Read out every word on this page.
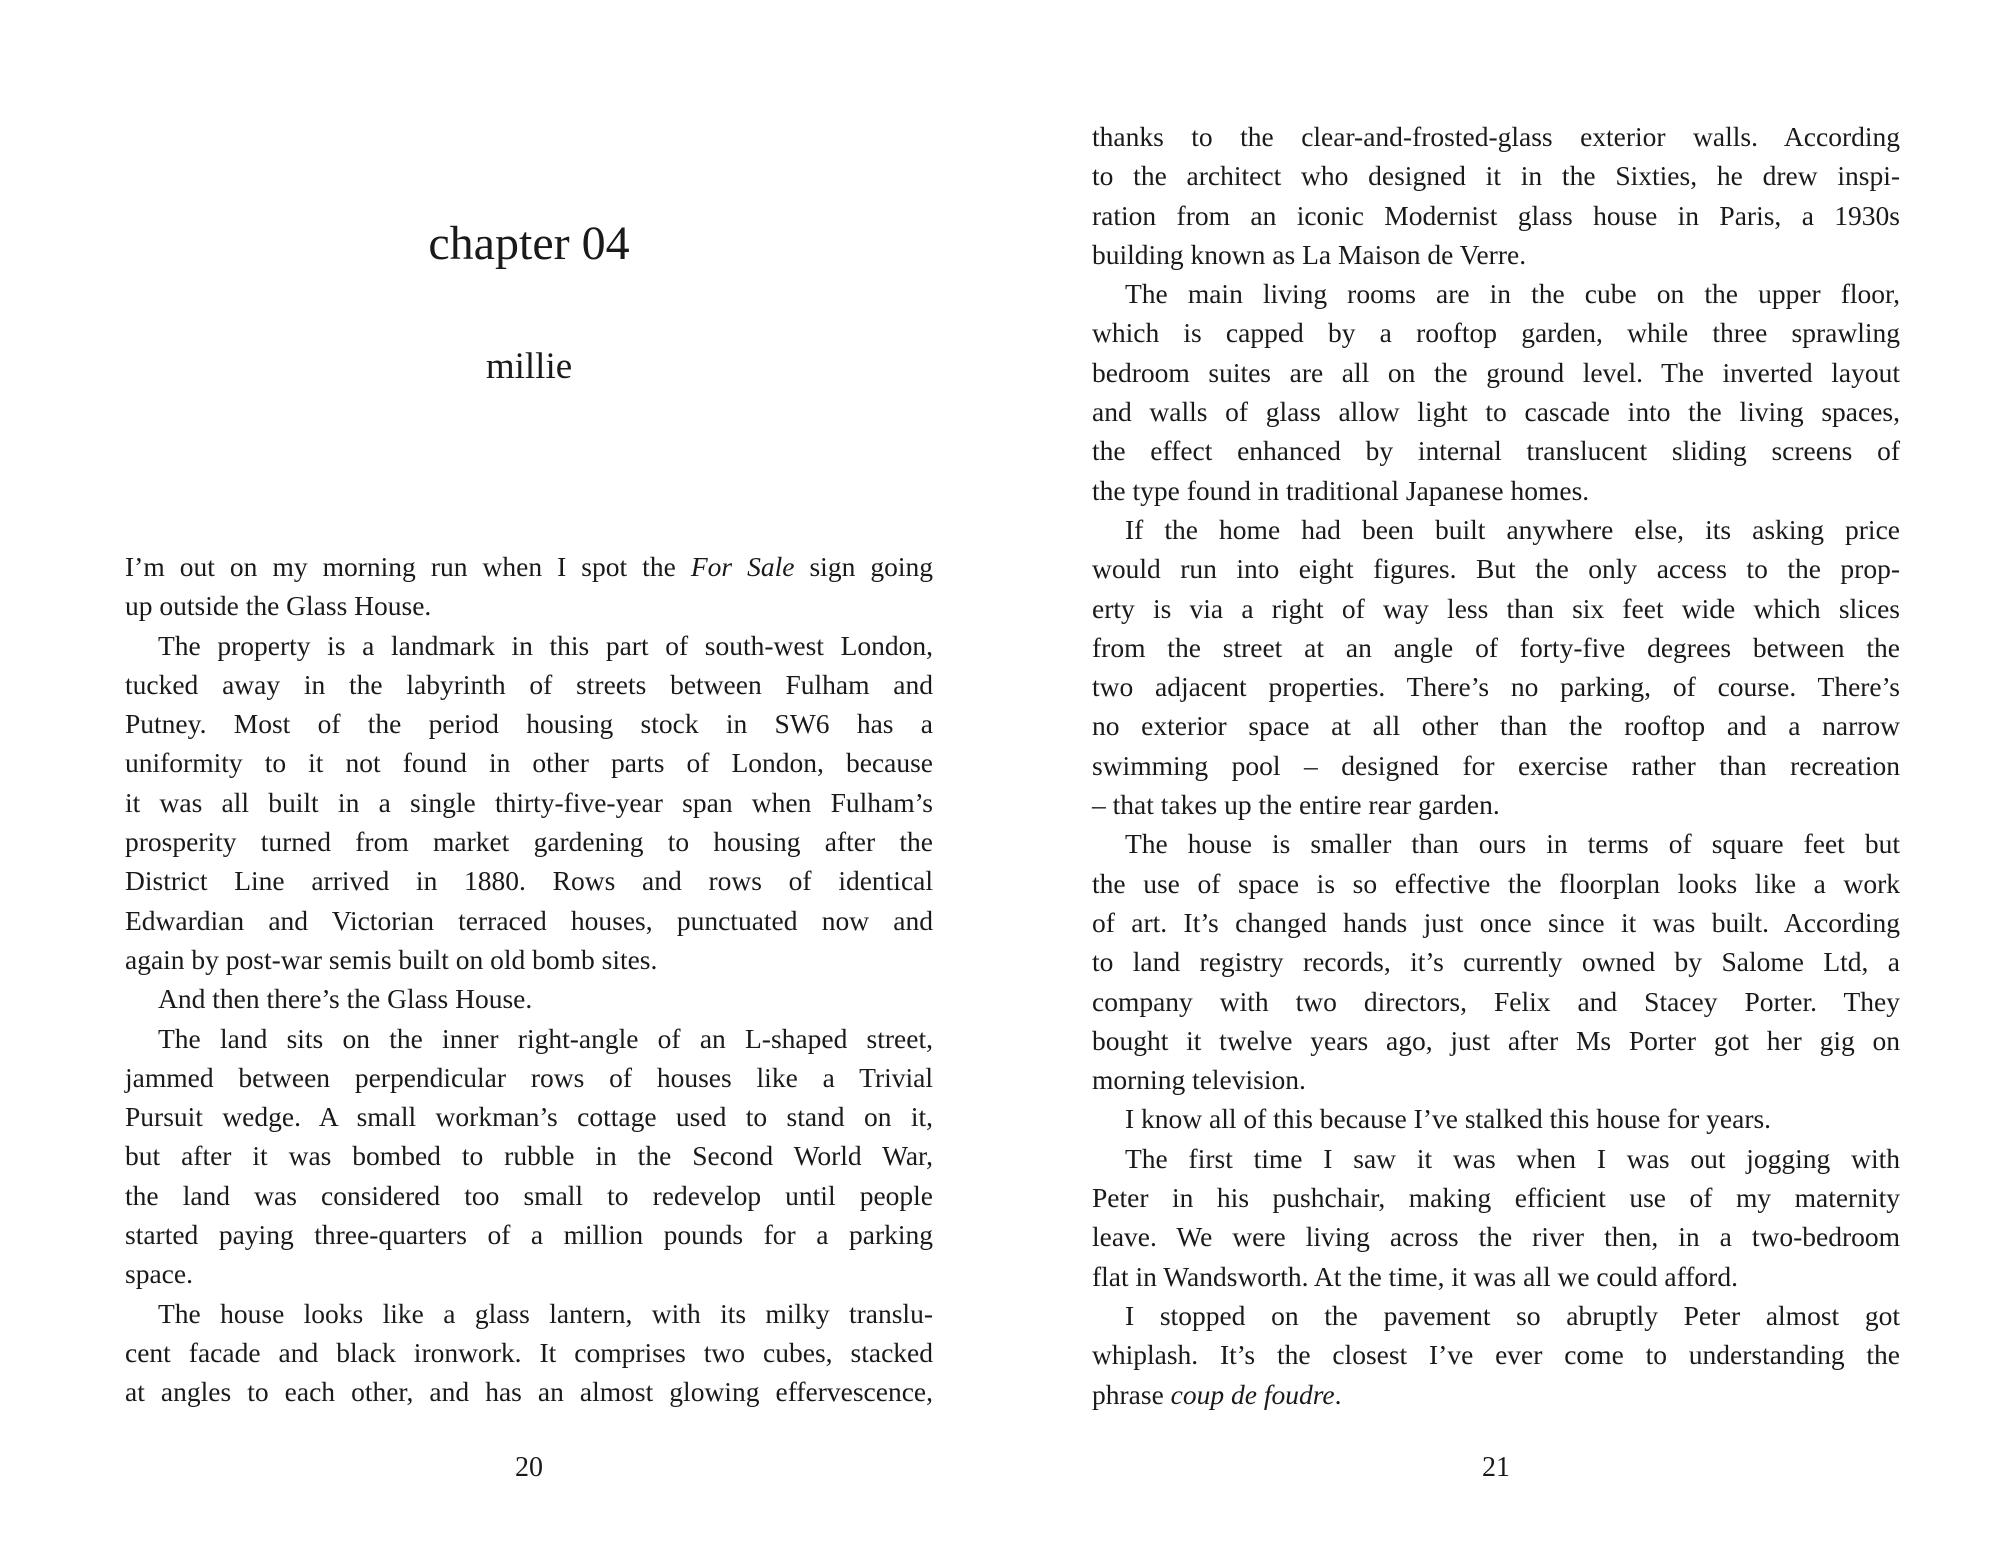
chapter 04
millie
I’m out on my morning run when I spot the For Sale sign going
up outside the Glass House.
The property is a landmark in this part of south-west London,
tucked away in the labyrinth of streets between Fulham and
Putney. Most of the period housing stock in SW6 has a
uniformity to it not found in other parts of London, because
it was all built in a single thirty-five-year span when Fulham’s
prosperity turned from market gardening to housing after the
District Line arrived in 1880. Rows and rows of identical
Edwardian and Victorian terraced houses, punctuated now and
again by post-war semis built on old bomb sites.
And then there’s the Glass House.
The land sits on the inner right-angle of an L-shaped street,
jammed between perpendicular rows of houses like a Trivial
Pursuit wedge. A small workman’s cottage used to stand on it,
but after it was bombed to rubble in the Second World War,
the land was considered too small to redevelop until people
started paying three-quarters of a million pounds for a parking
space.
The house looks like a glass lantern, with its milky translu-
cent facade and black ironwork. It comprises two cubes, stacked
at angles to each other, and has an almost glowing effervescence,
20
thanks to the clear-and-frosted-glass exterior walls. According
to the architect who designed it in the Sixties, he drew inspi-
ration from an iconic Modernist glass house in Paris, a 1930s
building known as La Maison de Verre.
The main living rooms are in the cube on the upper floor,
which is capped by a rooftop garden, while three sprawling
bedroom suites are all on the ground level. The inverted layout
and walls of glass allow light to cascade into the living spaces,
the effect enhanced by internal translucent sliding screens of
the type found in traditional Japanese homes.
If the home had been built anywhere else, its asking price
would run into eight figures. But the only access to the prop-
erty is via a right of way less than six feet wide which slices
from the street at an angle of forty-five degrees between the
two adjacent properties. There’s no parking, of course. There’s
no exterior space at all other than the rooftop and a narrow
swimming pool – designed for exercise rather than recreation
– that takes up the entire rear garden.
The house is smaller than ours in terms of square feet but
the use of space is so effective the floorplan looks like a work
of art. It’s changed hands just once since it was built. According
to land registry records, it’s currently owned by Salome Ltd, a
company with two directors, Felix and Stacey Porter. They
bought it twelve years ago, just after Ms Porter got her gig on
morning television.
I know all of this because I’ve stalked this house for years.
The first time I saw it was when I was out jogging with
Peter in his pushchair, making efficient use of my maternity
leave. We were living across the river then, in a two-bedroom
flat in Wandsworth. At the time, it was all we could afford.
I stopped on the pavement so abruptly Peter almost got
whiplash. It’s the closest I’ve ever come to understanding the
phrase coup de foudre.
21
